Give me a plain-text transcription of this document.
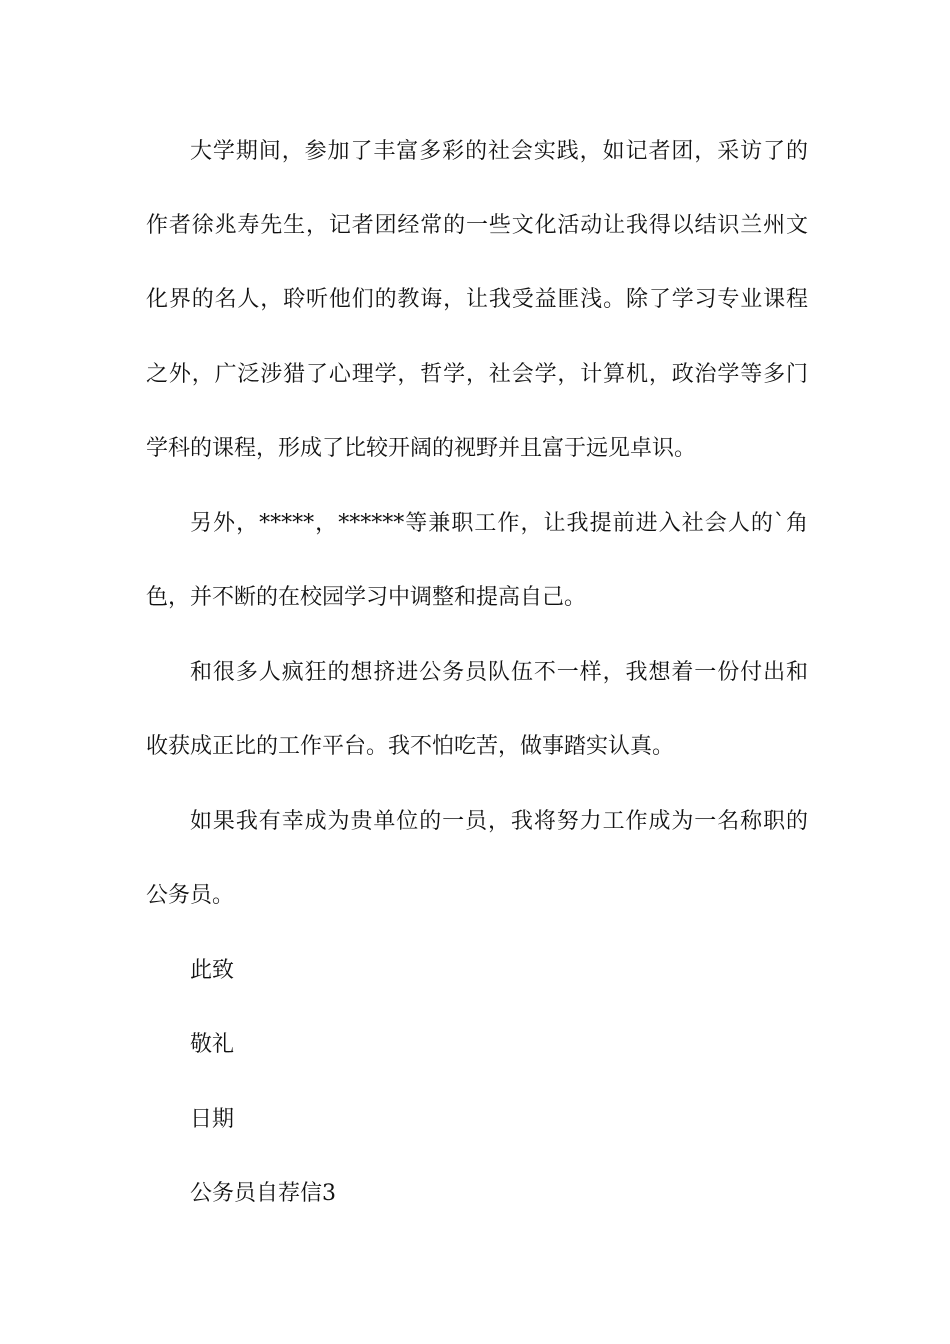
大学期间，参加了丰富多彩的社会实践，如记者团，采访了的
作者徐兆寿先生，记者团经常的一些文化活动让我得以结识兰州文
化界的名人，聆听他们的教诲，让我受益匪浅。除了学习专业课程
之外，广泛涉猎了心理学，哲学，社会学，计算机，政治学等多门
学科的课程，形成了比较开阔的视野并且富于远见卓识。
另外，*****，******等兼职工作，让我提前进入社会人的`角
色，并不断的在校园学习中调整和提高自己。
和很多人疯狂的想挤进公务员队伍不一样，我想着一份付出和
收获成正比的工作平台。我不怕吃苦，做事踏实认真。
如果我有幸成为贵单位的一员，我将努力工作成为一名称职的
公务员。
此致
敬礼
日期
公务员自荐信3
